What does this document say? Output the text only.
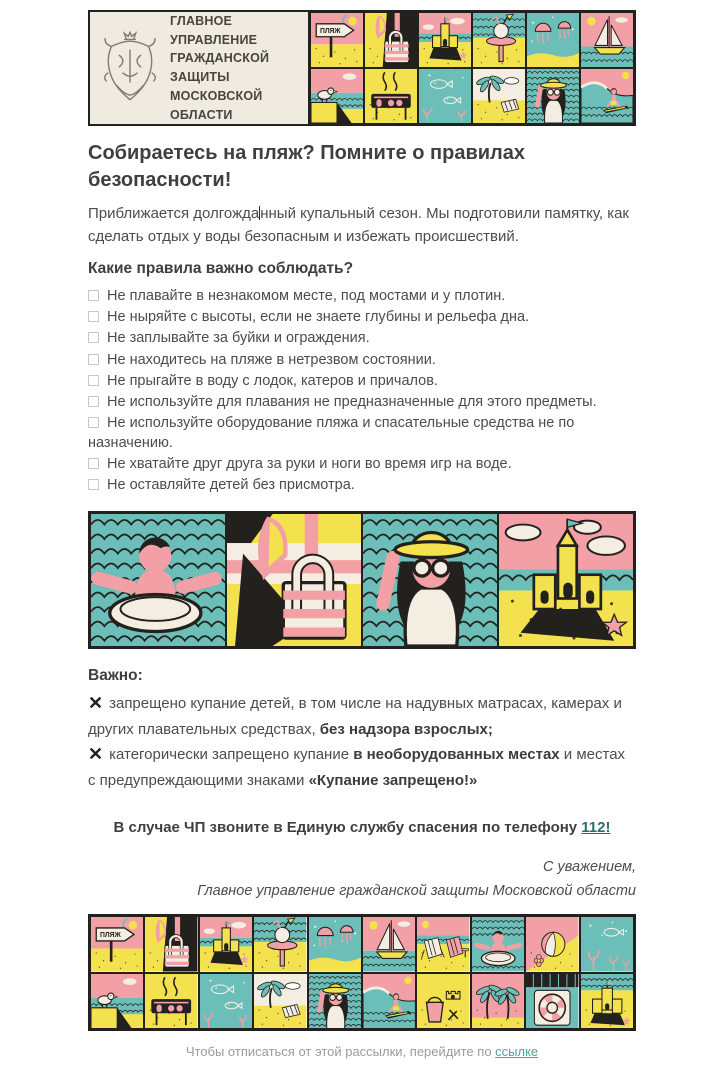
ГЛАВНОЕ УПРАВЛЕНИЕ
ГРАЖДАНСКОЙ ЗАЩИТЫ
МОСКОВСКОЙ ОБЛАСТИ
ПЛЯЖ
Собираетесь на пляж? Помните о правилах безопасности!

Приближается долгожданный купальный сезон. Мы подготовили памятку, как сделать отдых у воды безопасным и избежать происшествий.

Какие правила важно соблюдать?
Не плавайте в незнакомом месте, под мостами и у плотин.
Не ныряйте с высоты, если не знаете глубины и рельефа дна.
Не заплывайте за буйки и ограждения.
Не находитесь на пляже в нетрезвом состоянии.
Не прыгайте в воду с лодок, катеров и причалов.
Не используйте для плавания не предназначенные для этого предметы.
Не используйте оборудование пляжа и спасательные средства не по назначению.
Не хватайте друг друга за руки и ноги во время игр на воде.
Не оставляйте детей без присмотра.
Важно:
✕ запрещено купание детей, в том числе на надувных матрасах, камерах и других плавательных средствах, без надзора взрослых;
✕ категорически запрещено купание в необорудованных местах и местах с предупреждающими знаками «Купание запрещено!»

В случае ЧП звоните в Единую службу спасения по телефону 112!

С уважением,
Главное управление гражданской защиты Московской области
ПЛЯЖ

Чтобы отписаться от этой рассылки, перейдите по ссылке
